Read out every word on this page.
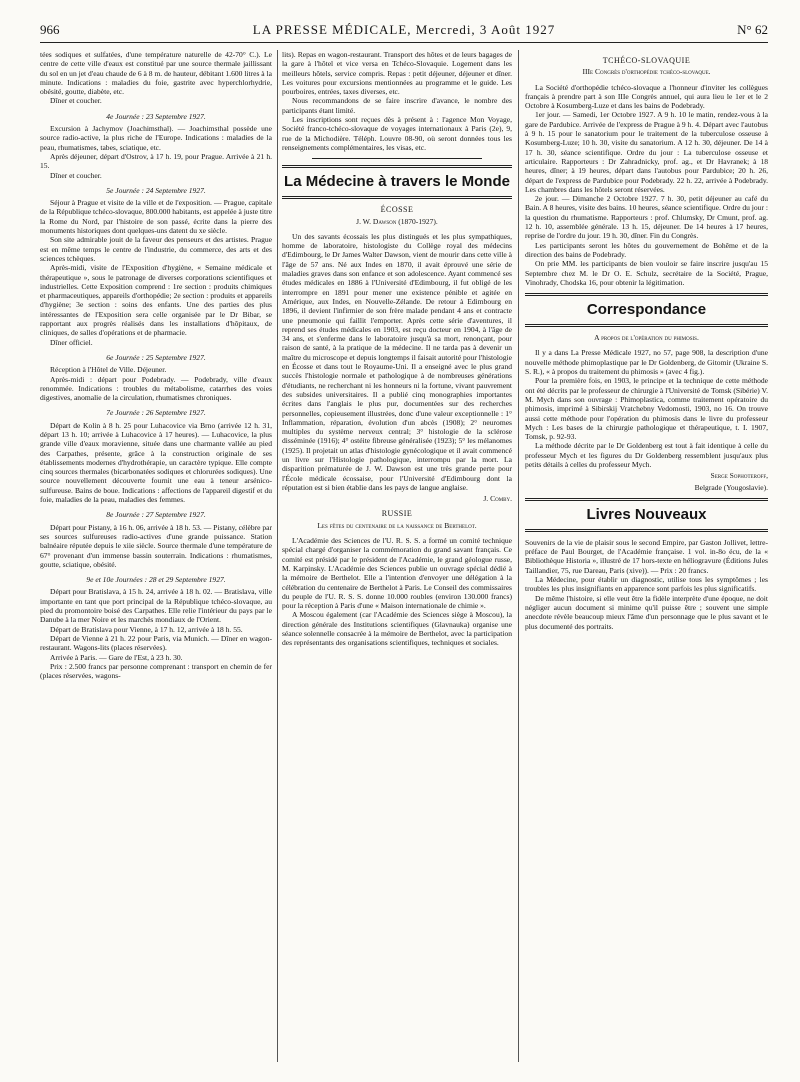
966	LA PRESSE MÉDICALE, Mercredi, 3 Août 1927	N° 62

tées sodiques et sulfatées, d'une température naturelle de 42-70° C.). Le centre de cette ville d'eaux est constitué par une source thermale jaillissant du sol en un jet d'eau chaude de 6 à 8 m. de hauteur, débitant 1.600 litres à la minute. Indications : maladies du foie, gastrite avec hyperchlorhydrie, obésité, goutte, diabète, etc.

Dîner et coucher.

4e Journée : 23 Septembre 1927.

Excursion à Jachymov (Joachimsthal). — Joachimsthal possède une source radio-active, la plus riche de l'Europe. Indications : maladies de la peau, rhumatismes, tabes, sciatique, etc.

Après déjeuner, départ d'Ostrov, à 17 h. 19, pour Prague. Arrivée à 21 h. 15.

Dîner et coucher.

5e Journée : 24 Septembre 1927.

Séjour à Prague et visite de la ville et de l'exposition. — Prague, capitale de la République tchéco-slovaque, 800.000 habitants, est appelée à juste titre la Rome du Nord, par l'histoire de son passé, écrite dans la pierre des monuments historiques dont quelques-uns datent du xe siècle.

Son site admirable jouit de la faveur des penseurs et des artistes. Prague est en même temps le centre de l'industrie, du commerce, des arts et des sciences tchèques.

Après-midi, visite de l'Exposition d'hygiène, « Semaine médicale et thérapeutique », sous le patronage de diverses corporations scientifiques et industrielles. Cette Exposition comprend : 1re section : produits chimiques et pharmaceutiques, appareils d'orthopédie; 2e section : produits et appareils d'hygiène; 3e section : soins des enfants. Une des parties des plus intéressantes de l'Exposition sera celle organisée par le Dr Bibar, se rapportant aux progrès réalisés dans les installations d'hôpitaux, de cliniques, de salles d'opérations et de pharmacie.

Dîner officiel.

6e Journée : 25 Septembre 1927.

Réception à l'Hôtel de Ville. Déjeuner.

Après-midi : départ pour Podebrady. — Podebrady, ville d'eaux renommée. Indications : troubles du métabolisme, catarrhes des voies digestives, anomalie de la circulation, rhumatismes chroniques.

7e Journée : 26 Septembre 1927.

Départ de Kolin à 8 h. 25 pour Luhacovice via Brno (arrivée 12 h. 31, départ 13 h. 10; arrivée à Luhacovice à 17 heures). — Luhacovice, la plus grande ville d'eaux moravienne, située dans une charmante vallée au pied des Carpathes, présente, grâce à la construction originale de ses établissements modernes d'hydrothérapie, un caractère typique. Elle compte cinq sources thermales (bicarbonatées sodiques et chlorurées sodiques). Une source nouvellement découverte fournit une eau à teneur arsénico-sulfureuse. Bains de boue. Indications : affections de l'appareil digestif et du foie, maladies de la peau, maladies des femmes.

8e Journée : 27 Septembre 1927.

Départ pour Pistany, à 16 h. 06, arrivée à 18 h. 53. — Pistany, célèbre par ses sources sulfureuses radio-actives d'une grande puissance. Station balnéaire réputée depuis le xiie siècle. Source thermale d'une température de 67° provenant d'un immense bassin souterrain. Indications : rhumatismes, goutte, sciatique, obésité.

9e et 10e Journées : 28 et 29 Septembre 1927.

Départ pour Bratislava, à 15 h. 24, arrivée à 18 h. 02. — Bratislava, ville importante en tant que port principal de la République tchéco-slovaque, au pied du promontoire boisé des Carpathes. Elle relie l'intérieur du pays par le Danube à la mer Noire et les marchés mondiaux de l'Orient.

Départ de Bratislava pour Vienne, à 17 h. 12, arrivée à 18 h. 55.

Départ de Vienne à 21 h. 22 pour Paris, via Munich. — Dîner en wagon-restaurant. Wagons-lits (places réservées).

Arrivée à Paris. — Gare de l'Est, à 23 h. 30.

Prix : 2.500 francs par personne comprenant : transport en chemin de fer (places réservées, wagons-

lits). Repas en wagon-restaurant. Transport des hôtes et de leurs bagages de la gare à l'hôtel et vice versa en Tchéco-Slovaquie. Logement dans les meilleurs hôtels, service compris. Repas : petit déjeuner, déjeuner et dîner. Les voitures pour excursions mentionnées au programme et le guide. Les pourboires, entrées, taxes diverses, etc.

Nous recommandons de se faire inscrire d'avance, le nombre des participants étant limité.

Les inscriptions sont reçues dès à présent à : l'agence Mon Voyage, Société franco-tchéco-slovaque de voyages internationaux à Paris (2e), 9, rue de la Michodière. Téléph. Louvre 08-90, où seront données tous les renseignements complémentaires, les visas, etc.

La Médecine à travers le Monde

ÉCOSSE

J. W. Dawson (1870-1927).

Un des savants écossais les plus distingués et les plus sympathiques, homme de laboratoire, histologiste du Collège royal des médecins d'Edimbourg, le Dr James Walter Dawson, vient de mourir dans cette ville à l'âge de 57 ans. Né aux Indes en 1870, il avait éprouvé une série de maladies graves dans son enfance et son adolescence. Ayant commencé ses études médicales en 1886 à l'Université d'Edimbourg, il fut obligé de les interrompre en 1891 pour mener une existence pénible et agitée en Amérique, aux Indes, en Nouvelle-Zélande. De retour à Edimbourg en 1896, il devient l'infirmier de son frère malade pendant 4 ans et contracte une pneumonie qui faillit l'emporter. Après cette série d'aventures, il reprend ses études médicales en 1903, est reçu docteur en 1904, à l'âge de 34 ans, et s'enferme dans le laboratoire jusqu'à sa mort, renonçant, pour raison de santé, à la pratique de la médecine. Il ne tarda pas à devenir un maître du microscope et depuis longtemps il faisait autorité pour l'histologie en Écosse et dans tout le Royaume-Uni. Il a enseigné avec le plus grand succès l'histologie normale et pathologique à de nombreuses générations d'étudiants, ne recherchant ni les honneurs ni la fortune, vivant pauvrement des subsides universitaires. Il a publié cinq monographies importantes écrites dans l'anglais le plus pur, documentées sur des recherches personnelles, copieusement illustrées, donc d'une valeur exceptionnelle : 1° Inflammation, réparation, évolution d'un abcès (1908); 2° neuromes multiples du système nerveux central; 3° histologie de la sclérose disséminée (1916); 4° ostéite fibreuse généralisée (1923); 5° les mélanomes (1925). Il projetait un atlas d'histologie gynécologique et il avait commencé un livre sur l'Histologie pathologique, interrompu par la mort. La disparition prématurée de J. W. Dawson est une très grande perte pour l'École médicale écossaise, pour l'Université d'Edimbourg dont la réputation est si bien établie dans les pays de langue anglaise.

J. Comby.

RUSSIE

Les fêtes du centenaire de la naissance de Berthelot.

L'Académie des Sciences de l'U. R. S. S. a formé un comité technique spécial chargé d'organiser la commémoration du grand savant français. Ce comité est présidé par le président de l'Académie, le grand géologue russe, M. Karpinsky. L'Académie des Sciences publie un ouvrage spécial dédié à la mémoire de Berthelot. Elle a l'intention d'envoyer une délégation à la célébration du centenaire de Berthelot à Paris. Le Conseil des commissaires du peuple de l'U. R. S. S. donne 10.000 roubles (environ 130.000 francs) pour la réception à Paris d'une « Maison internationale de chimie ».

A Moscou également (car l'Académie des Sciences siège à Moscou), la direction générale des Institutions scientifiques (Glavnauka) organise une séance solennelle consacrée à la mémoire de Berthelot, avec la participation des représentants des organisations scientifiques, techniques et sociales.

TCHÉCO-SLOVAQUIE

IIIe Congrès d'orthopédie tchéco-slovaque.

La Société d'orthopédie tchéco-slovaque a l'honneur d'inviter les collègues français à prendre part à son IIIe Congrès annuel, qui aura lieu le 1er et le 2 Octobre à Kosumberg-Luze et dans les bains de Podebrady.

1er jour. — Samedi, 1er Octobre 1927. A 9 h. 10 le matin, rendez-vous à la gare de Pardubice. Arrivée de l'express de Prague à 9 h. 4. Départ avec l'autobus à 9 h. 15 pour le sanatorium pour le traitement de la tuberculose osseuse à Kosumberg-Luze; 10 h. 30, visite du sanatorium. A 12 h. 30, déjeuner. De 14 à 17 h. 30, séance scientifique. Ordre du jour : La tuberculose osseuse et articulaire. Rapporteurs : Dr Zahradnicky, prof. ag., et Dr Havranek; à 18 heures, dîner; à 19 heures, départ dans l'autobus pour Pardubice; 20 h. 26, départ de l'express de Pardubice pour Podebrady. 22 h. 22, arrivée à Podebrady. Les chambres dans les hôtels seront réservées.

2e jour. — Dimanche 2 Octobre 1927. 7 h. 30, petit déjeuner au café du Bain. A 8 heures, visite des bains. 10 heures, séance scientifique. Ordre du jour : la question du rhumatisme. Rapporteurs : prof. Chlumsky, Dr Cmunt, prof. ag. 12 h. 10, assemblée générale. 13 h. 15, déjeuner. De 14 heures à 17 heures, reprise de l'ordre du jour. 19 h. 30, dîner. Fin du Congrès.

Les participants seront les hôtes du gouvernement de Bohême et de la direction des bains de Podebrady.

On prie MM. les participants de bien vouloir se faire inscrire jusqu'au 15 Septembre chez M. le Dr O. E. Schulz, secrétaire de la Société, Prague, Vinohrady, Chodska 16, pour obtenir la légitimation.

Correspondance

A propos de l'opération du phimosis.

Il y a dans La Presse Médicale 1927, no 57, page 908, la description d'une nouvelle méthode phimoplastique par le Dr Goldenberg, de Gitomir (Ukraine S. S. R.), « à propos du traitement du phimosis » (avec 4 fig.).

Pour la première fois, en 1903, le principe et la technique de cette méthode ont été décrits par le professeur de chirurgie à l'Université de Tomsk (Sibérie) V. M. Mych dans son ouvrage : Phimoplastica, comme traitement opératoire du phimosis, imprimé à Sibirskij Vratchebny Vedomosti, 1903, no 16. On trouve aussi cette méthode pour l'opération du phimosis dans le livre du professeur Mych : Les bases de la chirurgie pathologique et thérapeutique, t. I. 1907, Tomsk, p. 92-93.

La méthode décrite par le Dr Goldenberg est tout à fait identique à celle du professeur Mych et les figures du Dr Goldenberg ressemblent jusqu'aux plus petits détails à celles du professeur Mych.

Serge Sophoteroff,

Belgrade (Yougoslavie).

Livres Nouveaux

Souvenirs de la vie de plaisir sous le second Empire, par Gaston Jollivet, lettre-préface de Paul Bourget, de l'Académie française. 1 vol. in-8o écu, de la « Bibliothèque Historia », illustré de 17 hors-texte en héliogravure (Éditions Jules Taillandier, 75, rue Dareau, Paris (xive)). — Prix : 20 francs.

La Médecine, pour établir un diagnostic, utilise tous les symptômes ; les troubles les plus insignifiants en apparence sont parfois les plus significatifs.

De même l'histoire, si elle veut être la fidèle interprète d'une époque, ne doit négliger aucun document si minime qu'il puisse être ; souvent une simple anecdote révèle beaucoup mieux l'âme d'un personnage que le plus savant et le plus documenté des portraits.
